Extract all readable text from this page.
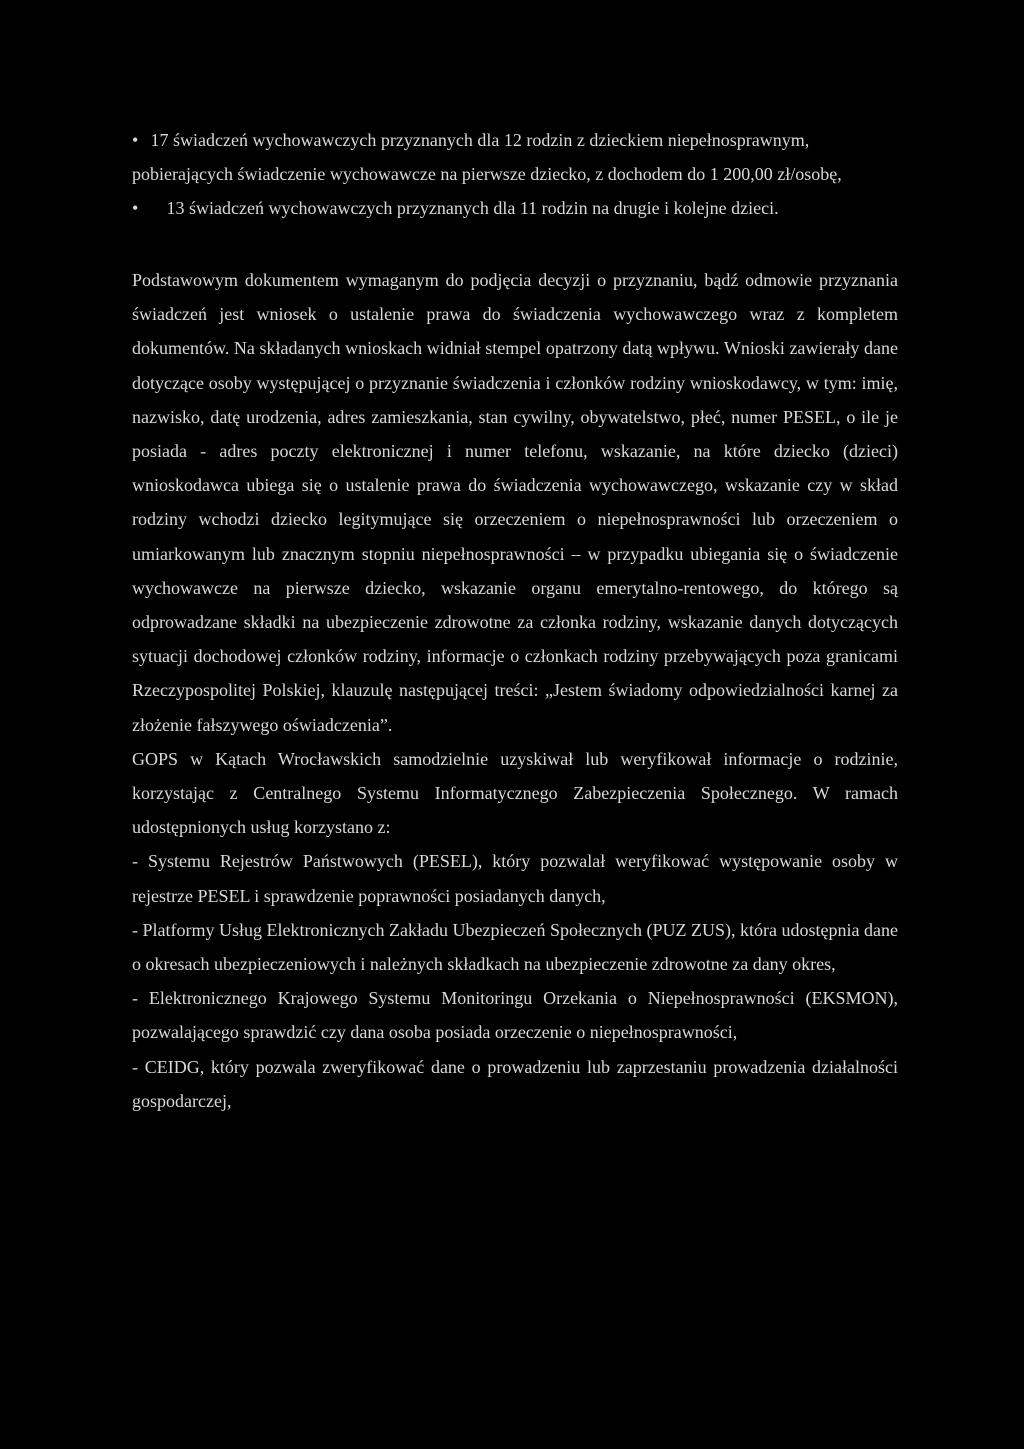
• 17 świadczeń wychowawczych przyznanych dla 12 rodzin z dzieckiem niepełnosprawnym, pobierających świadczenie wychowawcze na pierwsze dziecko, z dochodem do 1 200,00 zł/osobę,
• 13 świadczeń wychowawczych przyznanych dla 11 rodzin na drugie i kolejne dzieci.

Podstawowym dokumentem wymaganym do podjęcia decyzji o przyznaniu, bądź odmowie przyznania świadczeń jest wniosek o ustalenie prawa do świadczenia wychowawczego wraz z kompletem dokumentów. Na składanych wnioskach widniał stempel opatrzony datą wpływu. Wnioski zawierały dane dotyczące osoby występującej o przyznanie świadczenia i członków rodziny wnioskodawcy, w tym: imię, nazwisko, datę urodzenia, adres zamieszkania, stan cywilny, obywatelstwo, płeć, numer PESEL, o ile je posiada - adres poczty elektronicznej i numer telefonu, wskazanie, na które dziecko (dzieci) wnioskodawca ubiega się o ustalenie prawa do świadczenia wychowawczego, wskazanie czy w skład rodziny wchodzi dziecko legitymujące się orzeczeniem o niepełnosprawności lub orzeczeniem o umiarkowanym lub znacznym stopniu niepełnosprawności – w przypadku ubiegania się o świadczenie wychowawcze na pierwsze dziecko, wskazanie organu emerytalno-rentowego, do którego są odprowadzane składki na ubezpieczenie zdrowotne za członka rodziny, wskazanie danych dotyczących sytuacji dochodowej członków rodziny, informacje o członkach rodziny przebywających poza granicami Rzeczypospolitej Polskiej, klauzulę następującej treści: „Jestem świadomy odpowiedzialności karnej za złożenie fałszywego oświadczenia”.

GOPS w Kątach Wrocławskich samodzielnie uzyskiwał lub weryfikował informacje o rodzinie, korzystając z Centralnego Systemu Informatycznego Zabezpieczenia Społecznego. W ramach udostępnionych usług korzystano z:

- Systemu Rejestrów Państwowych (PESEL), który pozwalał weryfikować występowanie osoby w rejestrze PESEL i sprawdzenie poprawności posiadanych danych,

- Platformy Usług Elektronicznych Zakładu Ubezpieczeń Społecznych (PUZ ZUS), która udostępnia dane o okresach ubezpieczeniowych i należnych składkach na ubezpieczenie zdrowotne za dany okres,

- Elektronicznego Krajowego Systemu Monitoringu Orzekania o Niepełnosprawności (EKSMON), pozwalającego sprawdzić czy dana osoba posiada orzeczenie o niepełnosprawności,

- CEIDG, który pozwala zweryfikować dane o prowadzeniu lub zaprzestaniu prowadzenia działalności gospodarczej,
